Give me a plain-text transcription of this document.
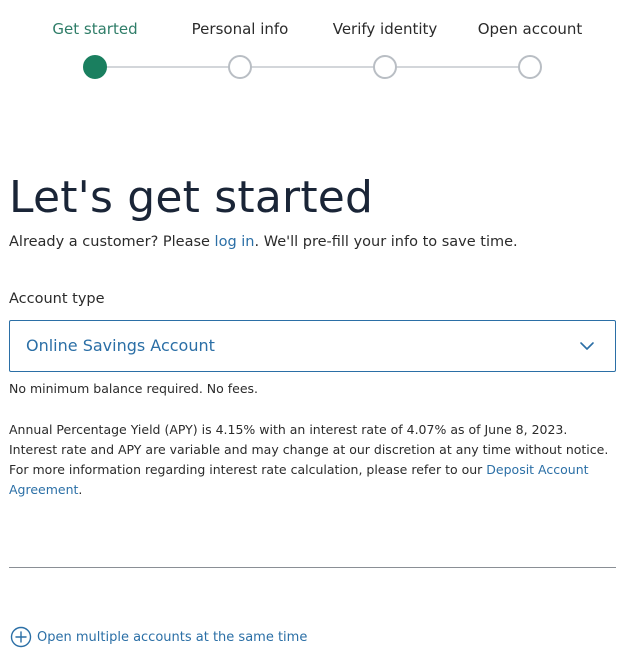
Get started	Personal info	Verify identity	Open account
Let's get started

Already a customer? Please log in. We'll pre-fill your info to save time.

Account type
Online Savings Account

No minimum balance required. No fees.

Annual Percentage Yield (APY) is 4.15% with an interest rate of 4.07% as of June 8, 2023. Interest rate and APY are variable and may change at our discretion at any time without notice. For more information regarding interest rate calculation, please refer to our Deposit Account Agreement.

Open multiple accounts at the same time
